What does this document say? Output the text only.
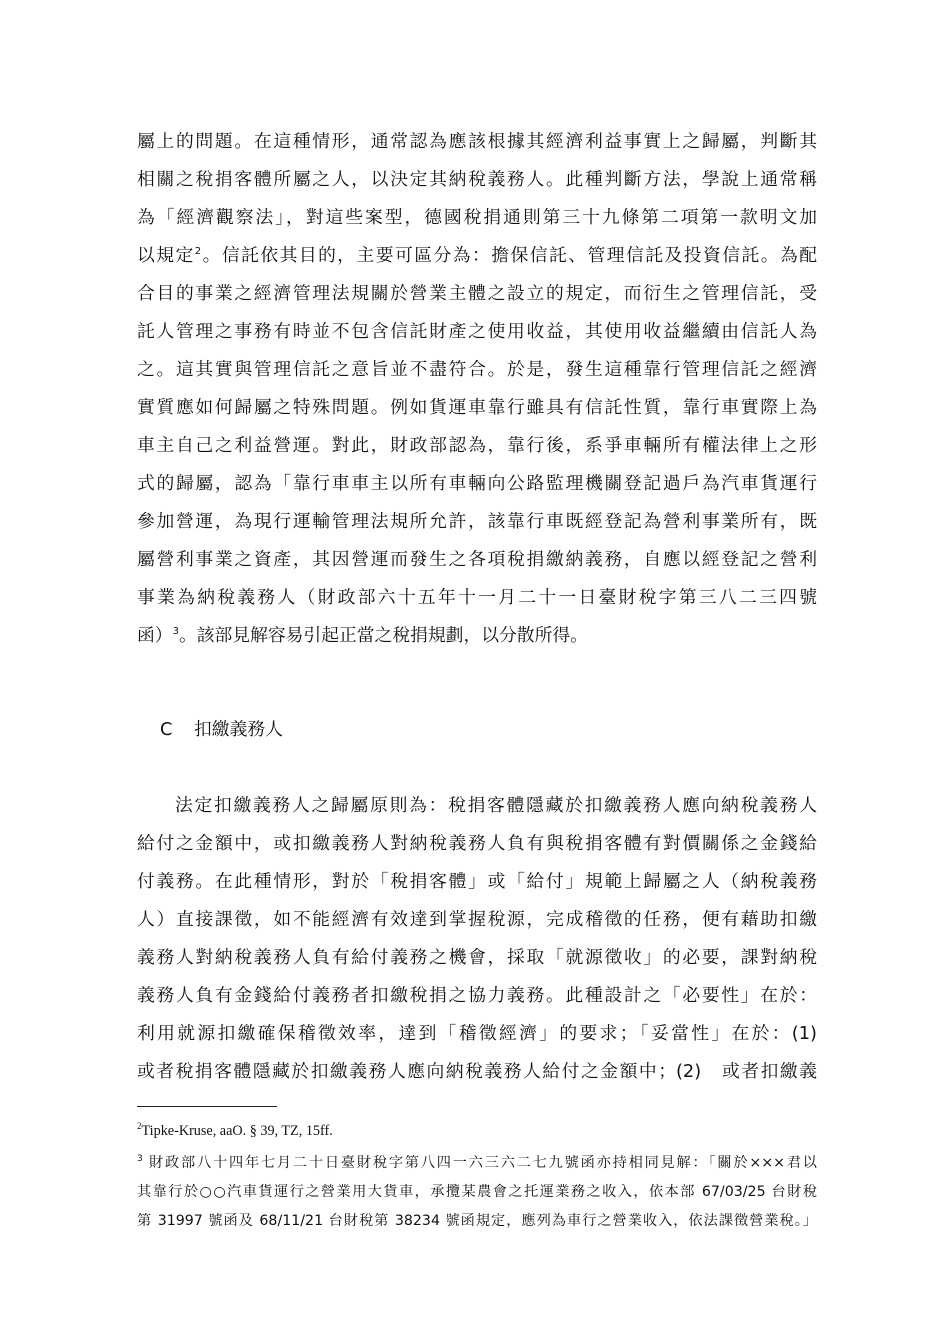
屬上的問題。在這種情形，通常認為應該根據其經濟利益事實上之歸屬，判斷其
相關之稅捐客體所屬之人，以決定其納稅義務人。此種判斷方法，學說上通常稱
為「經濟觀察法」，對這些案型，德國稅捐通則第三十九條第二項第一款明文加
以規定$^2$。信託依其目的，主要可區分為：擔保信託、管理信託及投資信託。為配
合目的事業之經濟管理法規關於營業主體之設立的規定，而衍生之管理信託，受
託人管理之事務有時並不包含信託財產之使用收益，其使用收益繼續由信託人為
之。這其實與管理信託之意旨並不盡符合。於是，發生這種靠行管理信託之經濟
實質應如何歸屬之特殊問題。例如貨運車靠行雖具有信託性質，靠行車實際上為
車主自己之利益營運。對此，財政部認為，靠行後，系爭車輛所有權法律上之形
式的歸屬，認為「靠行車車主以所有車輛向公路監理機關登記過戶為汽車貨運行
參加營運，為現行運輸管理法規所允許，該靠行車既經登記為營利事業所有，既
屬營利事業之資產，其因營運而發生之各項稅捐繳納義務，自應以經登記之營利
事業為納稅義務人（財政部六十五年十一月二十一日臺財稅字第三八二三四號
函）$^3$。該部見解容易引起正當之稅捐規劃，以分散所得。
C 扣繳義務人
法定扣繳義務人之歸屬原則為：稅捐客體隱藏於扣繳義務人應向納稅義務人
給付之金額中，或扣繳義務人對納稅義務人負有與稅捐客體有對價關係之金錢給
付義務。在此種情形，對於「稅捐客體」或「給付」規範上歸屬之人（納稅義務
人）直接課徵，如不能經濟有效達到掌握稅源，完成稽徵的任務，便有藉助扣繳
義務人對納稅義務人負有給付義務之機會，採取「就源徵收」的必要，課對納稅
義務人負有金錢給付義務者扣繳稅捐之協力義務。此種設計之「必要性」在於：
利用就源扣繳確保稽徵效率，達到「稽徵經濟」的要求；「妥當性」在於：(1)
或者稅捐客體隱藏於扣繳義務人應向納稅義務人給付之金額中；(2)　或者扣繳義
$^2$Tipke-Kruse, aaO. § 39, TZ, 15ff.
$^3$ 財政部八十四年七月二十日臺財稅字第八四一六三六二七九號函亦持相同見解：「關於×××君以
其靠行於○○汽車貨運行之營業用大貨車，承攬某農會之托運業務之收入，依本部 67/03/25 台財稅
第 31997 號函及 68/11/21 台財稅第 38234 號函規定，應列為車行之營業收入，依法課徵營業稅。」
